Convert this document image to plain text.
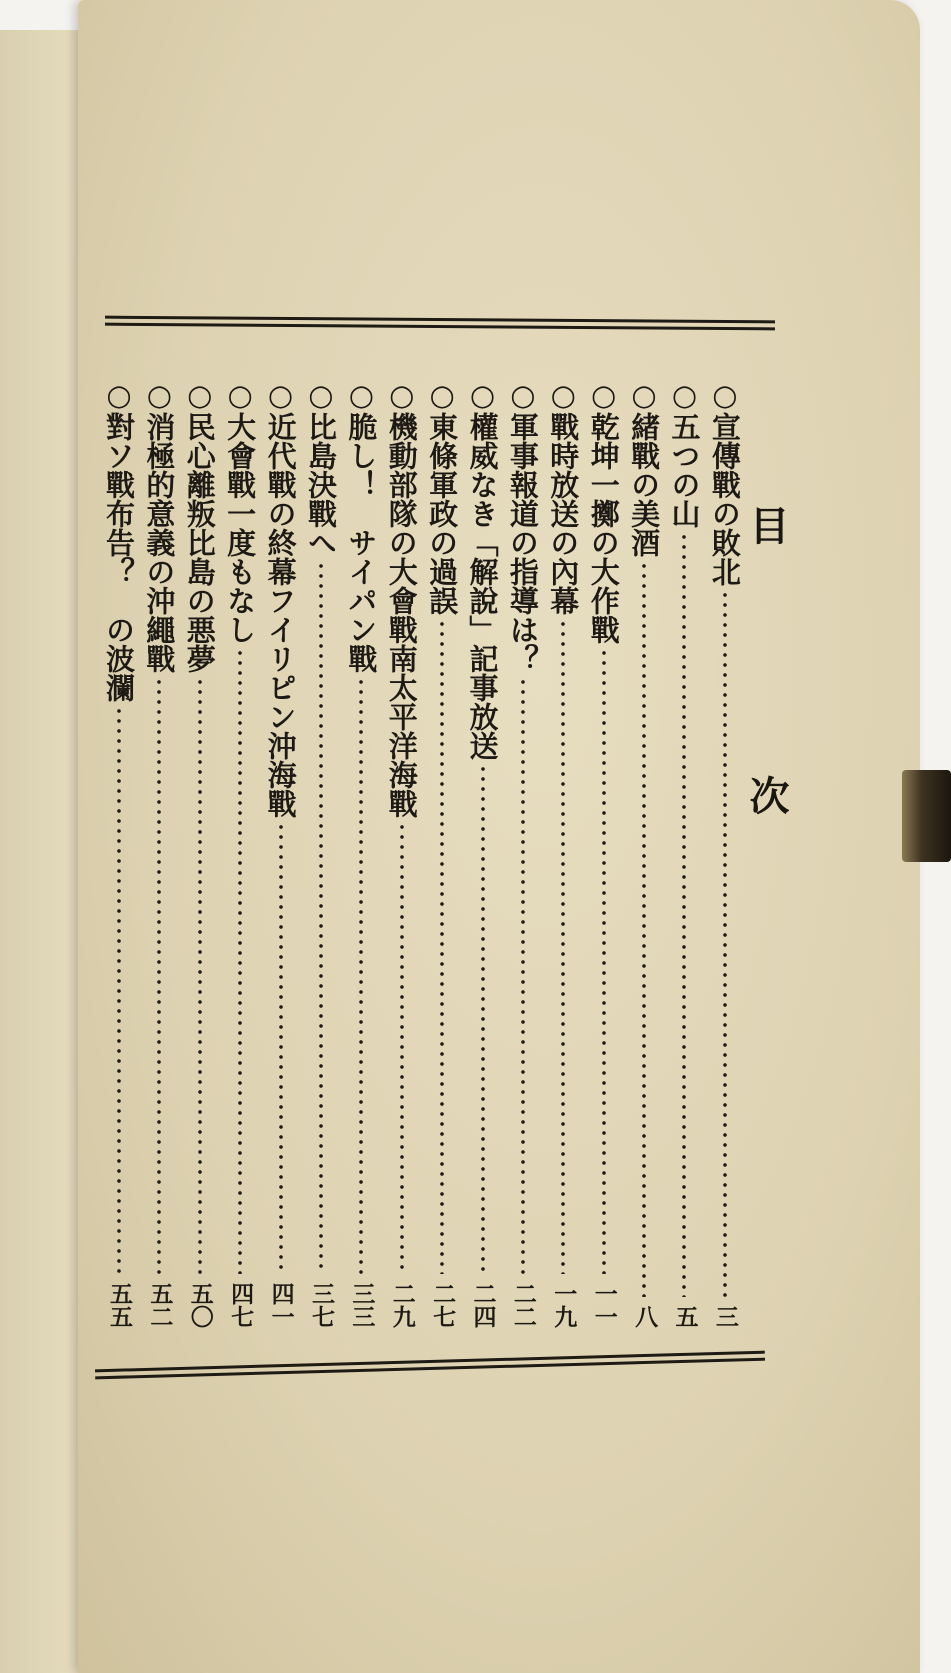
目　次
○宣傳戰の敗北
三
○五つの山
五
○緒戰の美酒
八
○乾坤一擲の大作戰
一一
○戰時放送の內幕
一九
○軍事報道の指導は？
二二
○權威なき「解說」記事放送
二四
○東條軍政の過誤
二七
○機動部隊の大會戰南太平洋海戰
二九
○脆し！　サイパン戰
三三
○比島決戰へ
三七
○近代戰の終幕フイリピン沖海戰
四一
○大會戰一度もなし
四七
○民心離叛比島の悪夢
五〇
○消極的意義の沖繩戰
五二
○對ソ戰布告？　の波瀾
五五
